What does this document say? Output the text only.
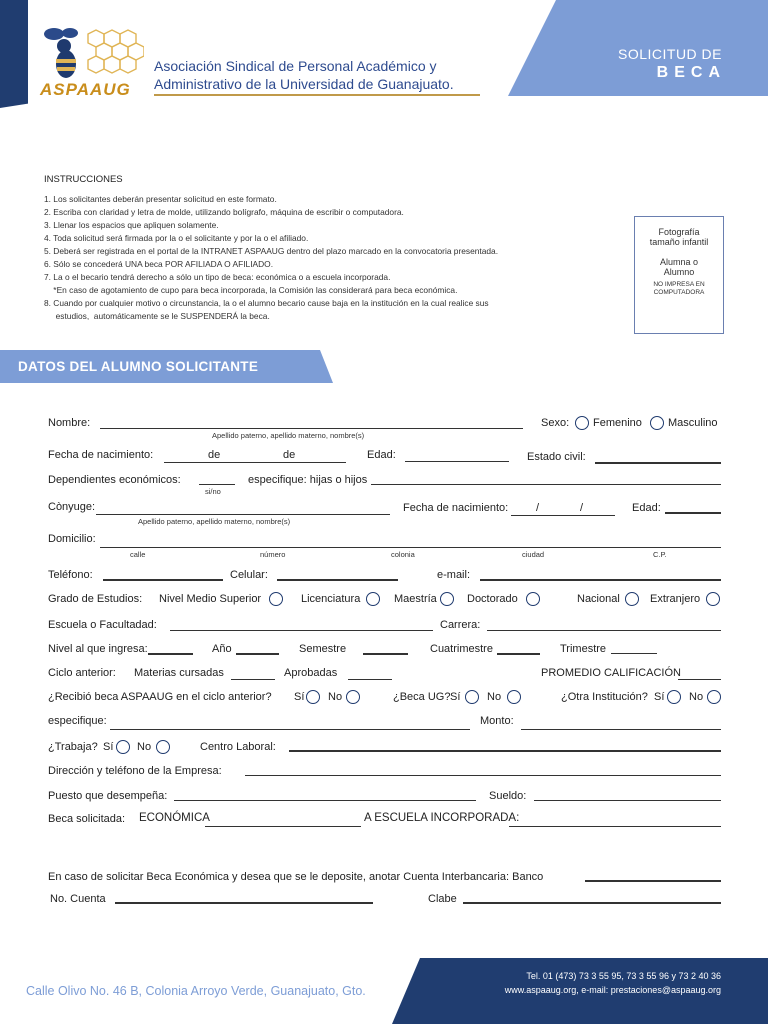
ASPAAUG
Asociación Sindical de Personal Académico y
Administrativo de la Universidad de Guanajuato.
SOLICITUD DE
BECA
INSTRUCCIONES
1. Los solicitantes deberán presentar solicitud en este formato.
2. Escriba con claridad y letra de molde, utilizando bolígrafo, máquina de escribir o computadora.
3. Llenar los espacios que apliquen solamente.
4. Toda solicitud será firmada por la o el solicitante y por la o el afiliado.
5. Deberá ser registrada en el portal de la INTRANET ASPAAUG dentro del plazo marcado en la convocatoria presentada.
6. Sólo se concederá UNA beca POR AFILIADA O AFILIADO.
7. La o el becario tendrá derecho a sólo un tipo de beca: económica o a escuela incorporada.
*En caso de agotamiento de cupo para beca incorporada, la Comisión las considerará para beca económica.
8. Cuando por cualquier motivo o circunstancia, la o el alumno becario cause baja en la institución en la cual realice sus
estudios,  automáticamente se le SUSPENDERÁ la beca.
Fotografía
tamaño infantil
Alumna o
Alumno
NO IMPRESA EN
COMPUTADORA
DATOS DEL ALUMNO SOLICITANTE
Nombre:
Apellido paterno, apellido materno, nombre(s)
Sexo: Femenino Masculino
Fecha de nacimiento:	de	de	Edad:	Estado civil:
Dependientes económicos:
si/no
especifique: hijas o hijos
Cònyuge:
Apellido paterno, apellido materno, nombre(s)
Fecha de nacimiento:	/	/	Edad:
Domicilio:
calle	número	colonia	ciudad	C.P.
Teléfono:	Celular:	e-mail:
Grado de Estudios: Nivel Medio Superior	Licenciatura	Maestría	Doctorado	Nacional	Extranjero
Escuela o Facultadad:	Carrera:
Nivel al que ingresa:	Año	Semestre	Cuatrimestre	Trimestre
Ciclo anterior: Materias cursadas	Aprobadas	PROMEDIO CALIFICACIÓN
¿Recibió beca ASPAAUG en el ciclo anterior? Sí No	¿Beca UG? Sí No	¿Otra Institución? Sí No
especifique:	Monto:
¿Trabaja? Sí No	Centro Laboral:
Dirección y teléfono de la Empresa:
Puesto que desempeña:	Sueldo:
Beca solicitada: ECONÓMICA	A ESCUELA INCORPORADA:
En caso de solicitar Beca Económica y desea que se le deposite, anotar Cuenta Interbancaria: Banco
No. Cuenta	Clabe
Calle Olivo No. 46 B, Colonia Arroyo Verde, Guanajuato, Gto.
Tel. 01 (473) 73 3 55 95, 73 3 55 96 y 73 2 40 36
www.aspaaug.org, e-mail: prestaciones@aspaaug.org
